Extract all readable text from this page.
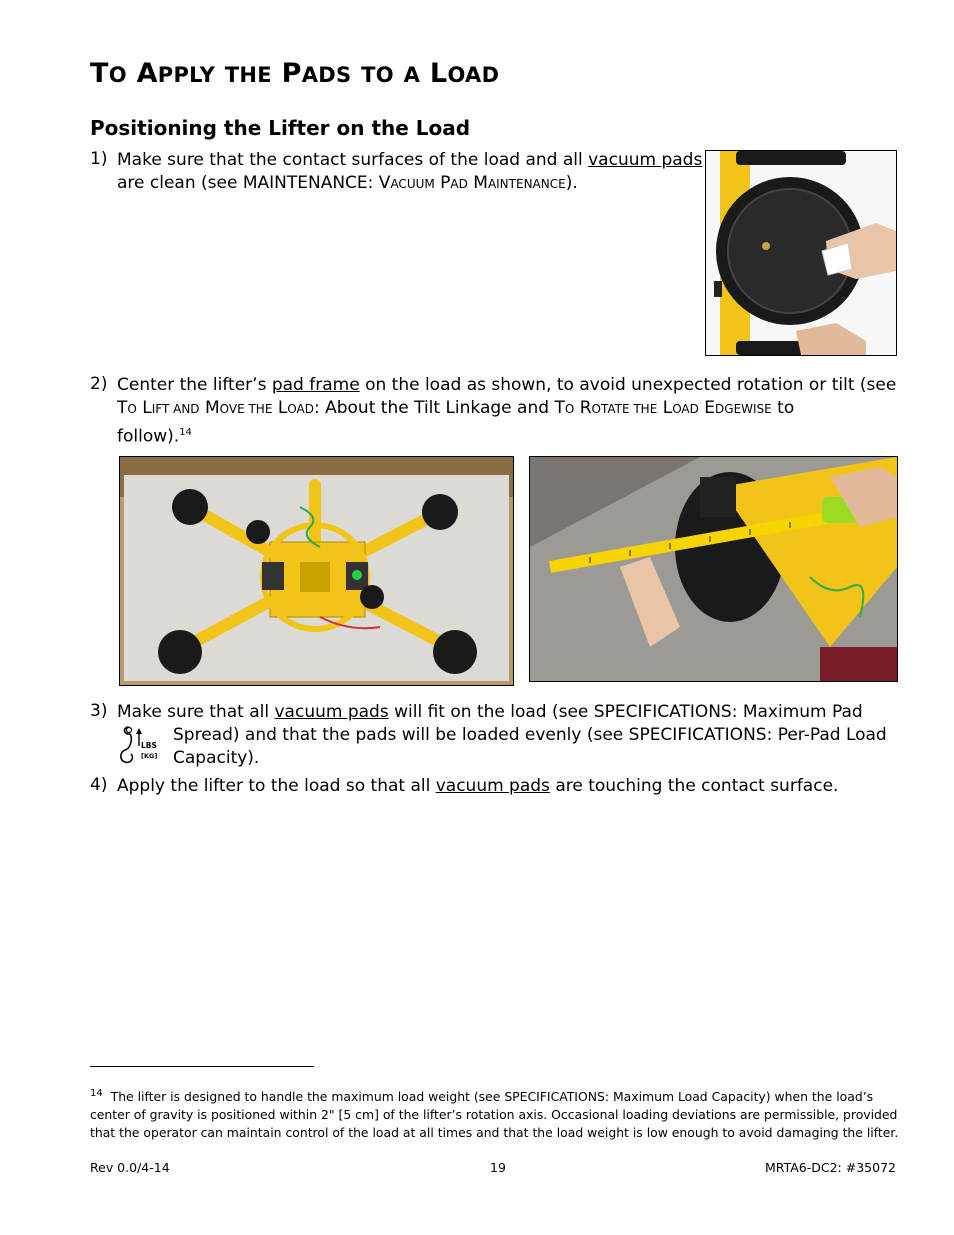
TO APPLY THE PADS TO A LOAD
Positioning the Lifter on the Load
1) Make sure that the contact surfaces of the load and all vacuum pads
are clean (see MAINTENANCE: VACUUM PAD MAINTENANCE).
2) Center the lifter’s pad frame on the load as shown, to avoid unexpected rotation or tilt (see
TO LIFT AND MOVE THE LOAD: About the Tilt Linkage and TO ROTATE THE LOAD EDGEWISE to
follow).$^{14}$
3) Make sure that all vacuum pads will fit on the load (see SPECIFICATIONS: Maximum Pad
Spread) and that the pads will be loaded evenly (see SPECIFICATIONS: Per-Pad Load
Capacity).
LBS
[KG]
4) Apply the lifter to the load so that all vacuum pads are touching the contact surface.
$^{14}$ The lifter is designed to handle the maximum load weight (see SPECIFICATIONS: Maximum Load Capacity) when the load’s center of gravity is positioned within 2" [5 cm] of the lifter’s rotation axis. Occasional loading deviations are permissible, provided that the operator can maintain control of the load at all times and that the load weight is low enough to avoid damaging the lifter.
Rev 0.0/4-14	19	MRTA6-DC2: #35072
